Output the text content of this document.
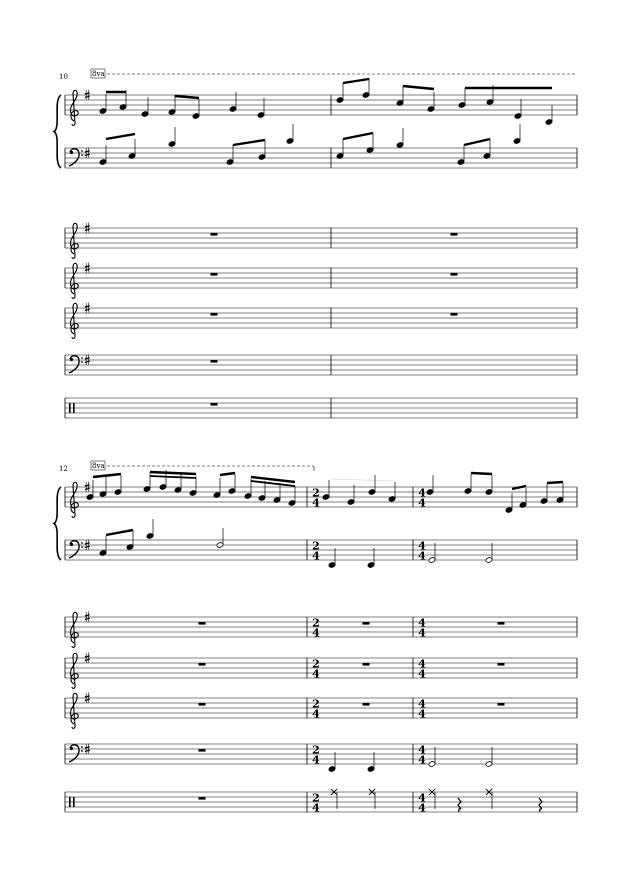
10	8va
12	8va
2
4
4
4
2
4
4
4
2
4
4
4
2
4
4
4
2
4
4
4
2
4
4
4
2
4
4
4
